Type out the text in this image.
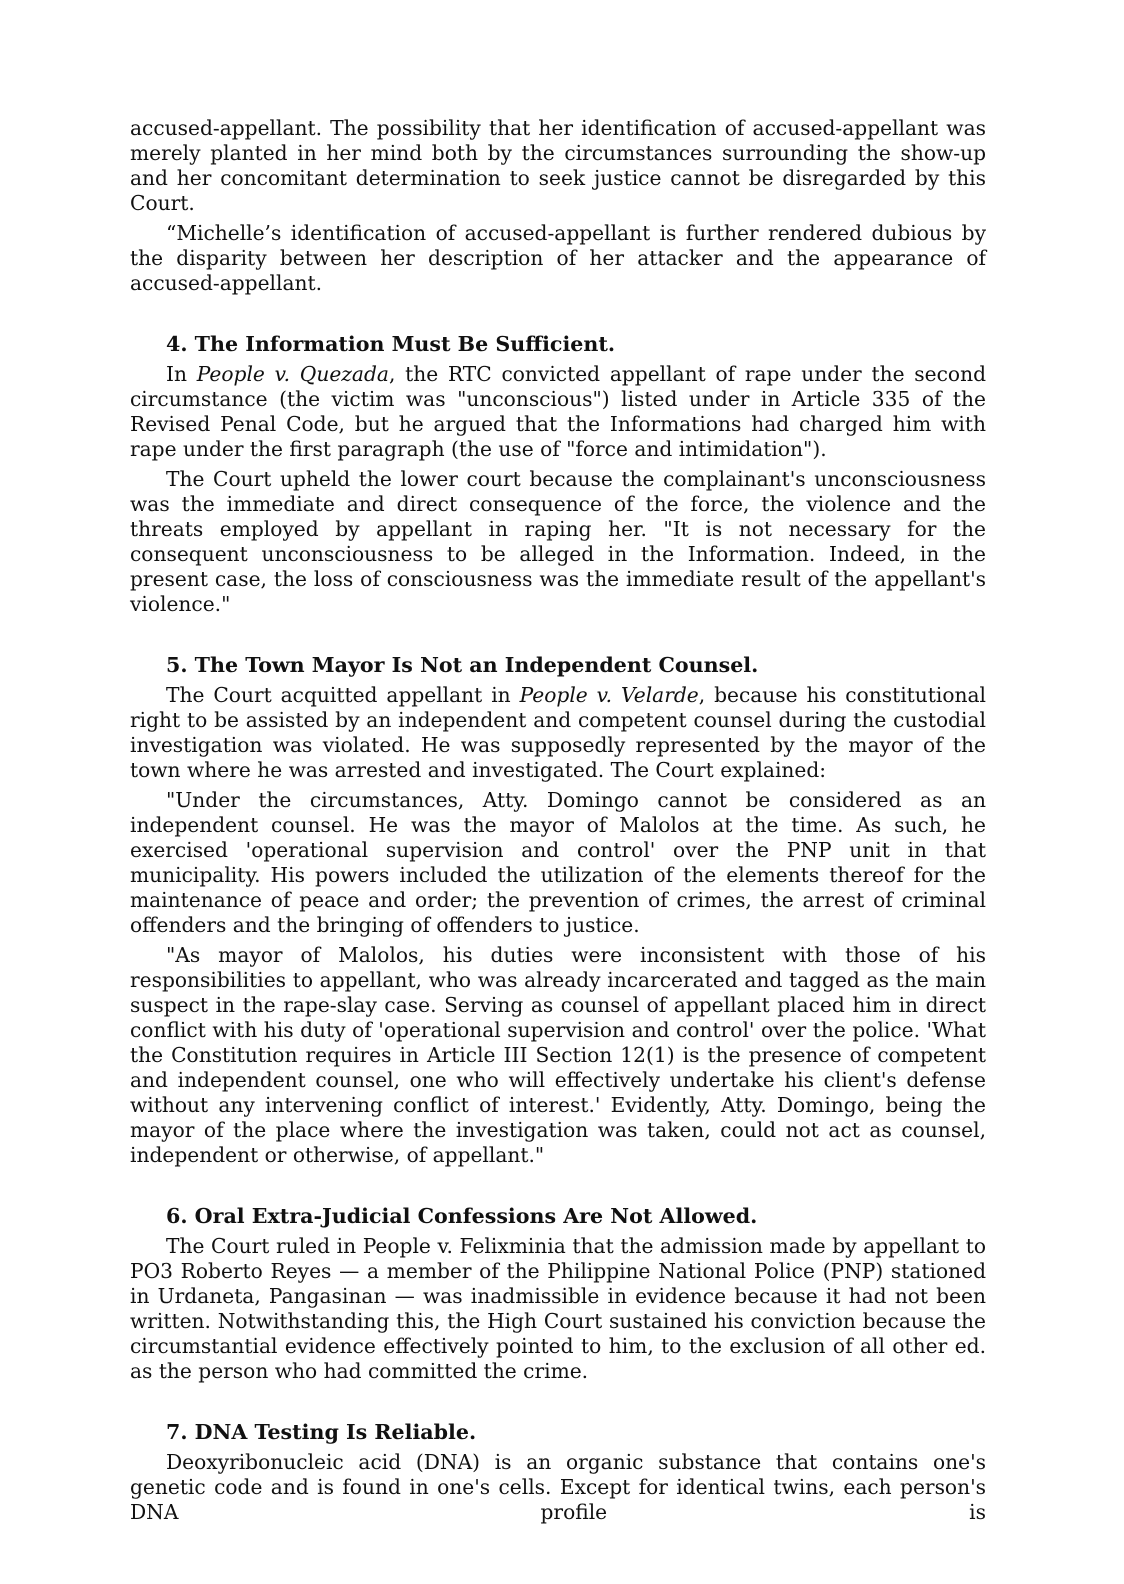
accused-appellant. The possibility that her identification of accused-appellant was merely planted in her mind both by the circumstances surrounding the show-up and her concomitant determination to seek justice cannot be disregarded by this Court.

“Michelle’s identification of accused-appellant is further rendered dubious by the disparity between her description of her attacker and the appearance of accused-appellant.

4. The Information Must Be Sufficient.

In People v. Quezada, the RTC convicted appellant of rape under the second circumstance (the victim was "unconscious") listed under in Article 335 of the Revised Penal Code, but he argued that the Informations had charged him with rape under the first paragraph (the use of "force and intimidation").

The Court upheld the lower court because the complainant's unconsciousness was the immediate and direct consequence of the force, the violence and the threats employed by appellant in raping her. "It is not necessary for the consequent unconsciousness to be alleged in the Information. Indeed, in the present case, the loss of consciousness was the immediate result of the appellant's violence."

5. The Town Mayor Is Not an Independent Counsel.

The Court acquitted appellant in People v. Velarde, because his constitutional right to be assisted by an independent and competent counsel during the custodial investigation was violated. He was supposedly represented by the mayor of the town where he was arrested and investigated. The Court explained:

"Under the circumstances, Atty. Domingo cannot be considered as an independent counsel. He was the mayor of Malolos at the time. As such, he exercised 'operational supervision and control' over the PNP unit in that municipality. His powers included the utilization of the elements thereof for the maintenance of peace and order; the prevention of crimes, the arrest of criminal offenders and the bringing of offenders to justice.

"As mayor of Malolos, his duties were inconsistent with those of his responsibilities to appellant, who was already incarcerated and tagged as the main suspect in the rape-slay case. Serving as counsel of appellant placed him in direct conflict with his duty of 'operational supervision and control' over the police. 'What the Constitution requires in Article III Section 12(1) is the presence of competent and independent counsel, one who will effectively undertake his client's defense without any intervening conflict of interest.' Evidently, Atty. Domingo, being the mayor of the place where the investigation was taken, could not act as counsel, independent or otherwise, of appellant."

6. Oral Extra-Judicial Confessions Are Not Allowed.

The Court ruled in People v. Felixminia that the admission made by appellant to PO3 Roberto Reyes — a member of the Philippine National Police (PNP) stationed in Urdaneta, Pangasinan — was inadmissible in evidence because it had not been written. Notwithstanding this, the High Court sustained his conviction because the circumstantial evidence effectively pointed to him, to the exclusion of all other ed. as the person who had committed the crime.

7. DNA Testing Is Reliable.

Deoxyribonucleic acid (DNA) is an organic substance that contains one's genetic code and is found in one's cells. Except for identical twins, each person's DNA profile is
